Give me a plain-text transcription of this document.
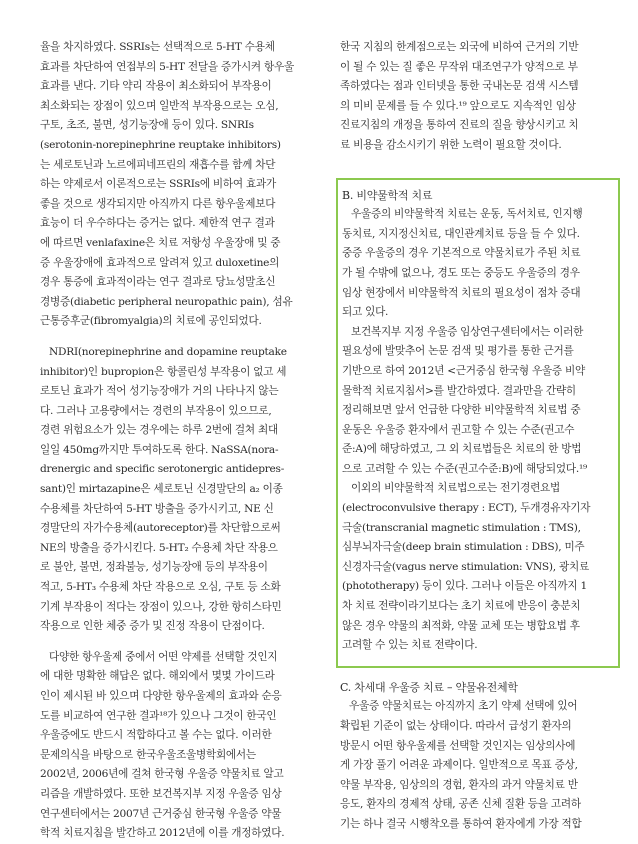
율을 차지하였다. SSRIs는 선택적으로 5-HT 수용체
효과를 차단하여 연접부의 5-HT 전달을 증가시켜 항우울
효과를 낸다. 기타 약리 작용이 최소화되어 부작용이
최소화되는 장점이 있으며 일반적 부작용으로는 오심,
구토, 초조, 불면, 성기능장애 등이 있다. SNRIs
(serotonin-norepinephrine reuptake inhibitors)
는 세로토닌과 노르에피네프린의 재흡수를 함께 차단
하는 약제로서 이론적으로는 SSRIs에 비하여 효과가
좋을 것으로 생각되지만 아직까지 다른 항우울제보다
효능이 더 우수하다는 증거는 없다. 제한적 연구 결과
에 따르면 venlafaxine은 치료 저항성 우울장애 및 중
증 우울장애에 효과적으로 알려져 있고 duloxetine의
경우 통증에 효과적이라는 연구 결과로 당뇨성말초신
경병증(diabetic peripheral neuropathic pain), 섬유
근통증후군(fibromyalgia)의 치료에 공인되었다.
NDRI(norepinephrine and dopamine reuptake
inhibitor)인 bupropion은 항콜린성 부작용이 없고 세
로토닌 효과가 적어 성기능장애가 거의 나타나지 않는
다. 그러나 고용량에서는 경련의 부작용이 있으므로,
경련 위험요소가 있는 경우에는 하루 2번에 걸쳐 최대
일일 450mg까지만 투여하도록 한다. NaSSA(nora-
drenergic and specific serotonergic antidepres-
sant)인 mirtazapine은 세로토닌 신경말단의 a₂ 이종
수용체를 차단하여 5-HT 방출을 증가시키고, NE 신
경말단의 자가수용체(autoreceptor)를 차단함으로써
NE의 방출을 증가시킨다. 5-HT₂ 수용체 차단 작용으
로 불안, 불면, 정좌불능, 성기능장애 등의 부작용이
적고, 5-HT₃ 수용체 차단 작용으로 오심, 구토 등 소화
기계 부작용이 적다는 장점이 있으나, 강한 항히스타민
작용으로 인한 체중 증가 및 진정 작용이 단점이다.
다양한 항우울제 중에서 어떤 약제를 선택할 것인지
에 대한 명확한 해답은 없다. 해외에서 몇몇 가이드라
인이 제시된 바 있으며 다양한 항우울제의 효과와 순응
도를 비교하여 연구한 결과¹⁸가 있으나 그것이 한국인
우울증에도 반드시 적합하다고 볼 수는 없다. 이러한
문제의식을 바탕으로 한국우울조울병학회에서는
2002년, 2006년에 걸쳐 한국형 우울증 약물치료 알고
리즘을 개발하였다. 또한 보건복지부 지정 우울증 임상
연구센터에서는 2007년 근거중심 한국형 우울증 약물
학적 치료지침을 발간하고 2012년에 이를 개정하였다.
한국 지침의 한계점으로는 외국에 비하여 근거의 기반
이 될 수 있는 질 좋은 무작위 대조연구가 양적으로 부
족하였다는 점과 인터넷을 통한 국내논문 검색 시스템
의 미비 문제를 들 수 있다.¹⁹ 앞으로도 지속적인 임상
진료지침의 개정을 통하여 진료의 질을 향상시키고 치
료 비용을 감소시키기 위한 노력이 필요할 것이다.
B. 비약물학적 치료
우울증의 비약물학적 치료는 운동, 독서치료, 인지행
동치료, 지지정신치료, 대인관계치료 등을 들 수 있다.
중증 우울증의 경우 기본적으로 약물치료가 주된 치료
가 될 수밖에 없으나, 경도 또는 중등도 우울증의 경우
임상 현장에서 비약물학적 치료의 필요성이 점차 증대
되고 있다.
보건복지부 지정 우울증 임상연구센터에서는 이러한
필요성에 발맞추어 논문 검색 및 평가를 통한 근거를
기반으로 하여 2012년 <근거중심 한국형 우울증 비약
물학적 치료지침서>를 발간하였다. 결과만을 간략히
정리해보면 앞서 언급한 다양한 비약물학적 치료법 중
운동은 우울증 환자에서 권고할 수 있는 수준(권고수
준:A)에 해당하였고, 그 외 치료법들은 치료의 한 방법
으로 고려할 수 있는 수준(권고수준:B)에 해당되었다.¹⁹
이외의 비약물학적 치료법으로는 전기경련요법
(electroconvulsive therapy : ECT), 두개경유자기자
극술(transcranial magnetic stimulation : TMS),
심부뇌자극술(deep brain stimulation : DBS), 미주
신경자극술(vagus nerve stimulation: VNS), 광치료
(phototherapy) 등이 있다. 그러나 이들은 아직까지 1
차 치료 전략이라기보다는 초기 치료에 반응이 충분치
않은 경우 약물의 최적화, 약물 교체 또는 병합요법 후
고려할 수 있는 치료 전략이다.
C. 차세대 우울증 치료 – 약물유전체학
우울증 약물치료는 아직까지 초기 약제 선택에 있어
확립된 기준이 없는 상태이다. 따라서 급성기 환자의
방문시 어떤 항우울제를 선택할 것인지는 임상의사에
게 가장 풀기 어려운 과제이다. 일반적으로 목표 증상,
약물 부작용, 임상의의 경험, 환자의 과거 약물치료 반
응도, 환자의 경제적 상태, 공존 신체 질환 등을 고려하
기는 하나 결국 시행착오를 통하여 환자에게 가장 적합
